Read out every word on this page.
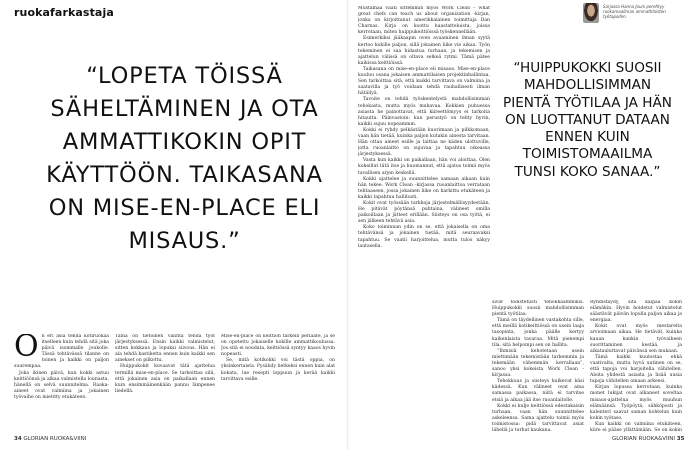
ruokafarkastaja
“LOPETA TÖISSÄ SÄHELTÄMINEN JA OTA AMMATTIKOKIN OPIT KÄYTTÖÖN. TAIKASANA ON MISE-EN-PLACE ELI MISAUS.”
O n eri asia tehdä kotiruokaa itselleen kuin tehdä sitä joka päivä isommalle joukolle. Tässä tehtävässä tilanne on toinen ja kaikki on paljon suurempaa.

Joka ikinen päivä, kun kokki astuu keittiöönsä ja alkaa valmistella lounasta, hänellä on selvä suunnitelma. Raaka-aineet ovat valmiina ja jokainen työvaihe on mietitty etukäteen.

Tämä on tietoinen valinta tehdä työt järjestyksessä. Ensin kaikki valmistelut, sitten kokkaus ja lopuksi siivous. Hän ei ala tehdä kastiketta ennen kuin kaikki sen ainekset on pilkottu.

Huippukokit kuvaavat tätä ajattelua termillä mise-en-place. Se tarkoittaa sitä, että jokainen asia on paikallaan ennen kuin ensimmäinenkään pannu lämpenee liedellä.

Mise-en-place on keittiön tärkein periaate, ja se on opetettu jokaiselle kokille ammattikoulussa. Jos sitä ei noudata, keittiössä syntyy kaaos hyvin nopeasti.

Se, mitä kotikokki voi tästä oppia, on yksinkertaista. Pysähdy hetkeksi ennen kuin alat kokata, lue resepti loppuun ja kerää kaikki tarvittava esille.

34 GLORIAN RUOKA&VIINI

Mustamaa vaati sittemmin myös Work Clean – what great chefs can teach us about organization -kirjan, jonka on kirjoittanut amerikkalainen toimittaja Dan Charnas. Kirja on koottu haastatteluista, joissa kerrotaan, miten huippukeittiöissä työskennellään.

Esimerkiksi jääkaapin oven avaaminen ilman syytä kertoo kokille paljon, sillä jokainen liike vie aikaa. Työn tekeminen ei saa hidastua turhaan, ja tekemisen ja ajattelun välissä on oltava selkeä rytmi. Tämä pätee kaikissa keittiöissä.

Taikasana on mise-en-place eli misaus. Mise-en-place kuuluu osana jokaisen ammattilaisen projektinhallintaa. Sen tarkoittaa sitä, että kaikki tarvittava on valmiina ja saatavilla ja työ voidaan tehdä rauhallisesti ilman hätäilyä.

Tavoite on tehdä työskentelystä mahdollisimman tehokasta, mutta myös mukavaa. Kokkien puhuessa asiasta he painottavat, että kiireettömyys ei tarkoita hitautta. Päinvastoin: kun perustyö on tehty hyvin, kaikki sujuu nopeammin.

Kokki ei ryhdy pelkästään kuorimaan ja pilkkomaan, vaan hän tietää, kuinka paljon kutakin ainesta tarvitaan. Hän ottaa aineet esille ja laittaa ne käden ulottuville, jotta ruoanlaitto on sujuvaa ja tapahtuu oikeassa järjestyksessä.

Vasta kun kaikki on paikallaan, hän voi aloittaa. Olen kokeillut tätä itse ja huomannut, että ajatus toimii myös tavallisen arjen keskellä.

Kokki ajattelee ja suunnittelee samaan aikaan kuin hän tekee. Work Clean -kirjassa ruoanlaittoa verrataan tehtaaseen, jossa jokainen liike on harkittu etukäteen ja kaikki tapahtuu hallitusti.

Kokit ovat työssään tarkkoja järjestelmällisyydestään. He pitävät pöytänsä puhtaina, välineet omilla paikoillaan ja jätteet erillään. Siisteys on osa työtä, ei sen jälkeen tehtävä asia.

Koko toiminnan ydin on se, että jokaisella on oma tehtävänsä ja jokainen tietää, mitä seuraavaksi tapahtuu. Se vaatii harjoittelua, mutta tulos näkyy lautasella.

Sarjassa Hanna Jouni perehtyy ruokamaailman ammattilaisten työtapoihin.

“HUIPPUKOKKI SUOSII MAHDOLLISIMMAN PIENTÄ TYÖTILAA JA HÄN ON LUOTTANUT DATAAN ENNEN KUIN TOIMISTOMAAILMA TUNSI KOKO SANAA.”

sivat todistetusti tehokkaammiksi. Huippukokki suosii mahdollisimman pientä työtilaa.

Tämä on täydellinen vastakohta sille, että meillä kotikeittiössä on usein laaja tasopinta, jonka päälle kertyy kaikenlaista tavaraa. Mitä pienempi tila, sitä helpompi sen on hallita.

”Ihmisiä kehotetaan usein miettimään tekemistään tarkemmin ja tekemään vähemmän kerrallaan”, sanoo yksi kokeista Work Clean -kirjassa.

Tehokkuus ja siisteys kulkevat käsi kädessä. Kun välineet ovat aina samassa paikassa, niitä ei tarvitse etsiä ja aikaa jää itse ruoanlaitolle.

Kokki ei kulje keittiössä edestakaisin turhaan, vaan hän suunnittelee askeleensa. Sama ajattelu toimii myös toimistossa: pidä tarvittavat asiat lähellä ja turhat kaukana.

Ryhdistäydy, sitä kaipaa kokin elämäkin. Hyvin hoidetut valmistelut säästävät päivän lopulla paljon aikaa ja energiaa.

Kokit ovat myös mestareita arvioimaan aikaa. He tietävät, kuinka kauan kunkin työvaiheen suorittaminen kestää, ja aikatauluttavat päivänsä sen mukaan.

Tämä kaikki kuulostaa ehkä vaativalta, mutta hyvä uutinen on se, että tapoja voi harjoitella vähitellen. Aloita yhdestä asiasta ja lisää uusia tapoja vähitellen omaan arkeesi.

Kirjan lopussa kerrotaan, kuinka monet lukijat ovat alkaneet soveltaa misaus-ajattelua myös muuhun elämäänsä. Työpöytä, sähköposti ja kalenteri saavat saman kohtelun kuin kokin työtaso.

Kun kaikki on valmiina etukäteen, kiire ei pääse yllättämään. Se on kokin

GLORIAN RUOKA&VIINI 35
